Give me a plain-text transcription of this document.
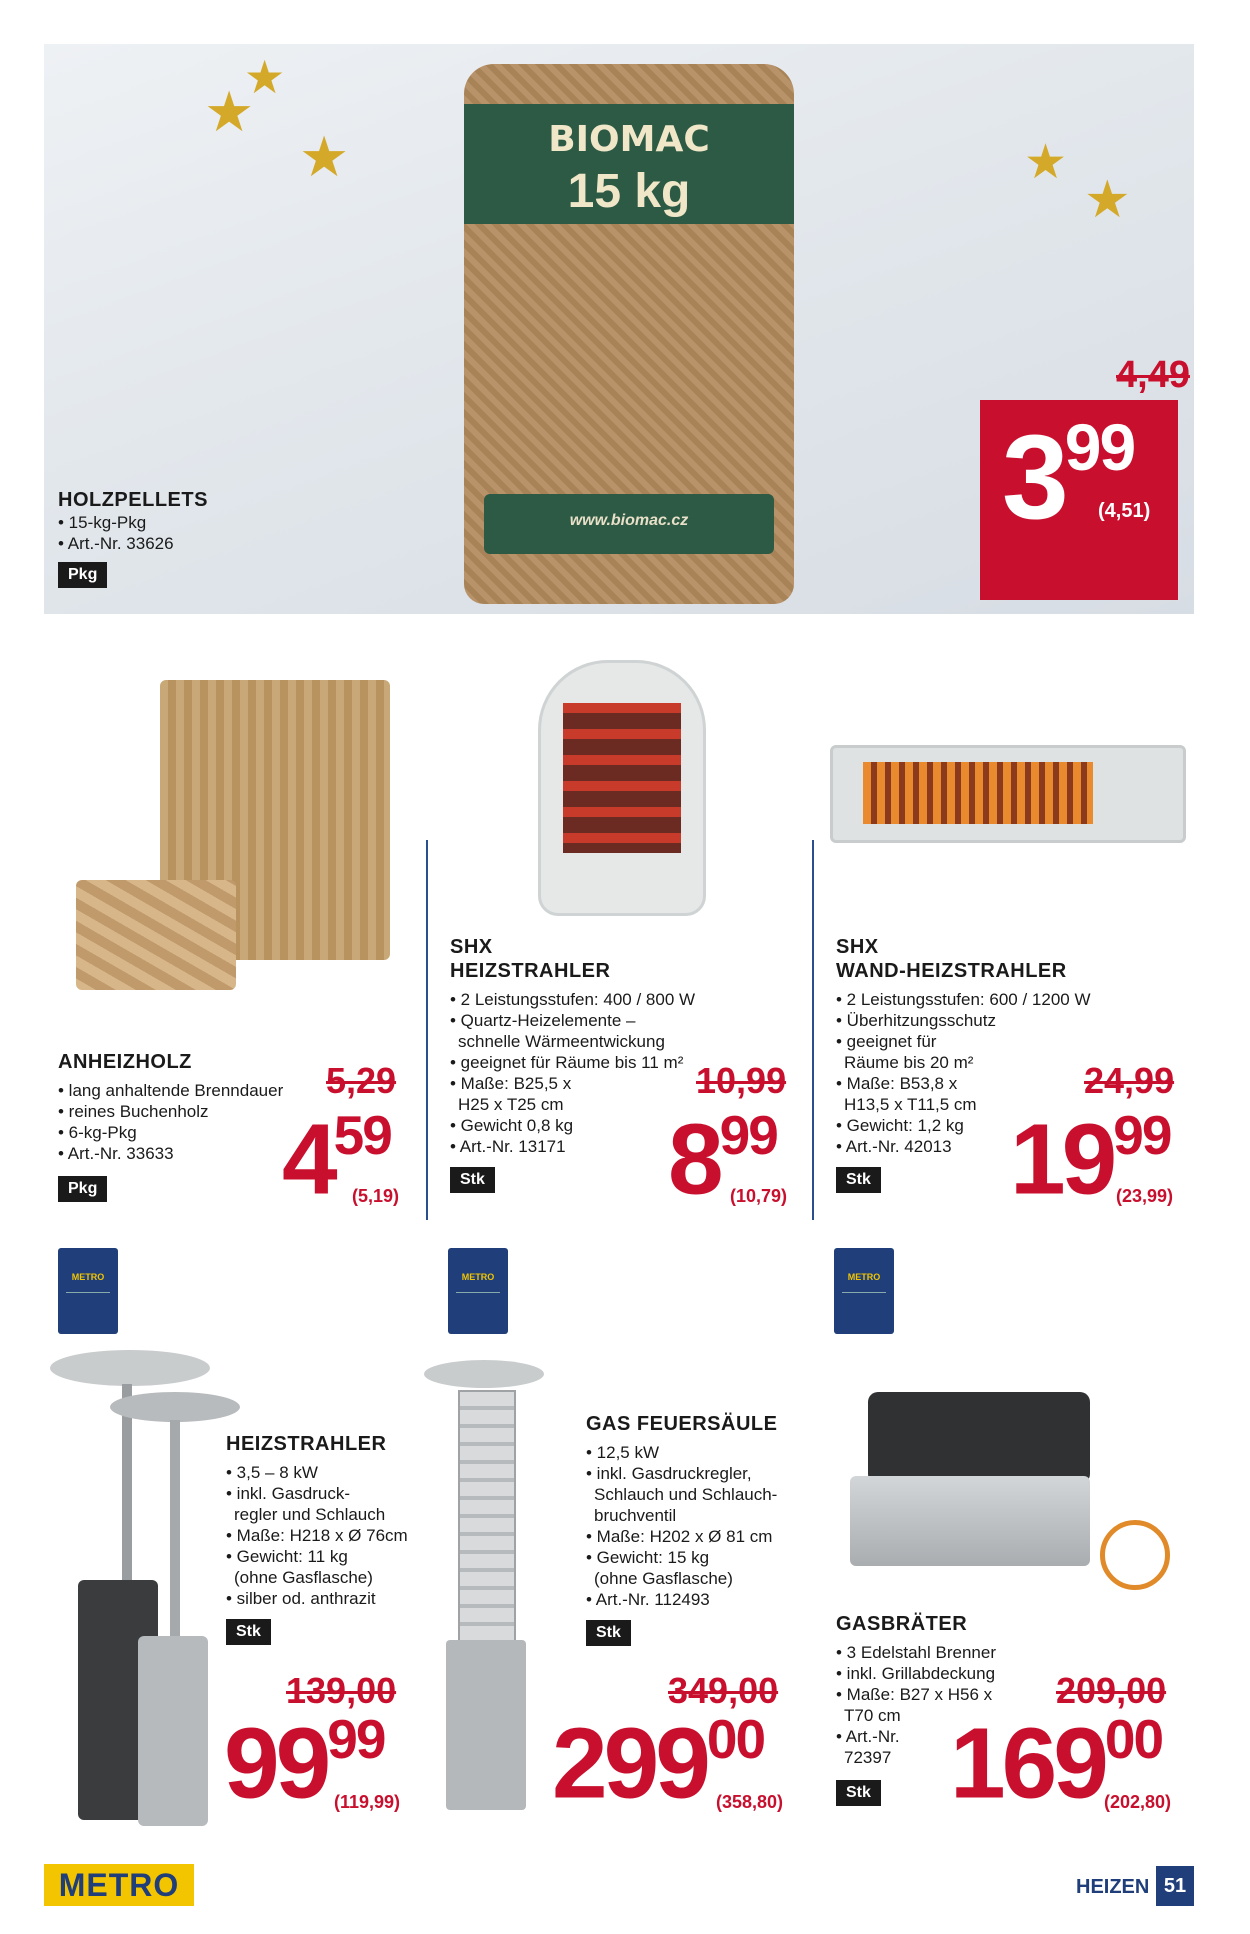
★
★
★	★
★
BIOMAC
15 kg
www.biomac.cz
HOLZPELLETS
• 15-kg-Pkg
• Art.-Nr. 33626
Pkg
4,49
$3^{99}$
(4,51)
ANHEIZHOLZ
• lang anhaltende Brenndauer
• reines Buchenholz
• 6-kg-Pkg
• Art.-Nr. 33633
Pkg
5,29
$4^{59}$
(5,19)
SHX
HEIZSTRAHLER
• 2 Leistungsstufen: 400 / 800 W
• Quartz-Heizelemente –
schnelle Wärmeentwickung
• geeignet für Räume bis 11 m²
• Maße: B25,5 x
H25 x T25 cm
• Gewicht 0,8 kg
• Art.-Nr. 13171
Stk
10,99
$8^{99}$
(10,79)
SHX
WAND-HEIZSTRAHLER
• 2 Leistungsstufen: 600 / 1200 W
• Überhitzungsschutz
• geeignet für
Räume bis 20 m²
• Maße: B53,8 x
H13,5 x T11,5 cm
• Gewicht: 1,2 kg
• Art.-Nr. 42013
Stk
24,99
$19^{99}$
(23,99)
METRO	METRO	METRO
HEIZSTRAHLER
• 3,5 – 8 kW
• inkl. Gasdruck-
regler und Schlauch
• Maße: H218 x Ø 76cm
• Gewicht: 11 kg
(ohne Gasflasche)
• silber od. anthrazit
Stk
139,00
$99^{99}$
(119,99)
GAS FEUERSÄULE
• 12,5 kW
• inkl. Gasdruckregler,
Schlauch und Schlauch-
bruchventil
• Maße: H202 x Ø 81 cm
• Gewicht: 15 kg
(ohne Gasflasche)
• Art.-Nr. 112493
Stk
349,00
$299^{00}$
(358,80)
GASBRÄTER
• 3 Edelstahl Brenner
• inkl. Grillabdeckung
• Maße: B27 x H56 x
T70 cm
• Art.-Nr.
72397
Stk
209,00
$169^{00}$
(202,80)
METRO	HEIZEN 51
